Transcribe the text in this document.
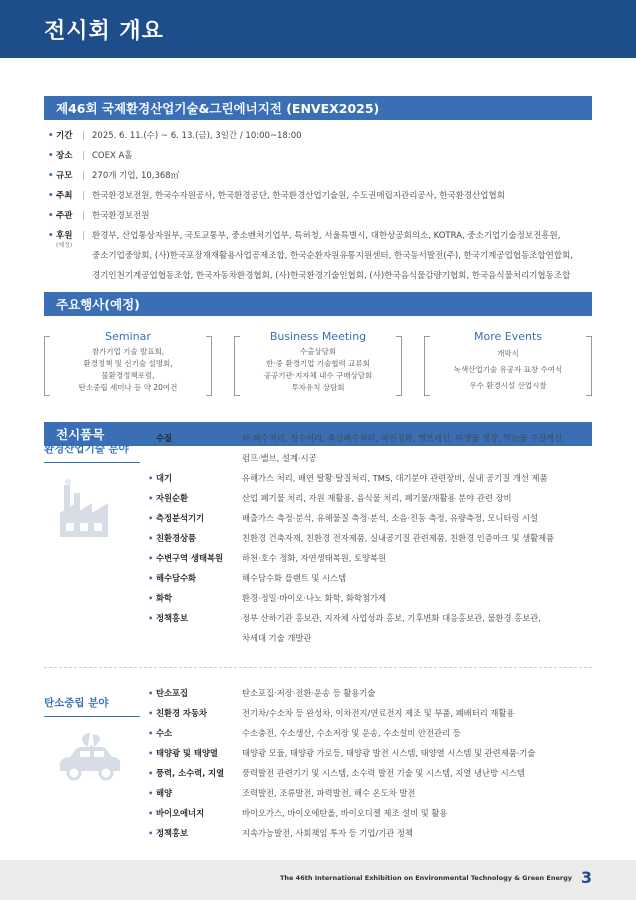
전시회 개요
제46회 국제환경산업기술&그린에너지전 (ENVEX2025)
• 기간	| 2025. 6. 11.(수) ~ 6. 13.(금), 3일간 / 10:00~18:00
• 장소	| COEX A홀
• 규모	| 270개 기업, 10,368㎡
• 주최	| 한국환경보전원, 한국수자원공사, 한국환경공단, 한국환경산업기술원, 수도권매립지관리공사, 한국환경산업협회
• 주관	| 한국환경보전원
• 후원
(예정)
| 환경부, 산업통상자원부, 국토교통부, 중소벤처기업부, 특허청, 서울특별시, 대한상공회의소, KOTRA, 중소기업기술정보진흥원,
중소기업중앙회, (사)한국포장재재활용사업공제조합, 한국순환자원유통지원센터, 한국동서발전(주), 한국기계공업협동조합연합회,
경기인천기계공업협동조합, 한국자동차환경협회, (사)한국환경기술인협회, (사)한국음식물감량기협회, 한국음식물처리기협동조합
주요행사(예정)
Seminar
참가기업 기술 발표회,
환경정책 및 신기술 설명회,
물환경정책포럼,
탄소중립 세미나 등 약 20여건
Business Meeting
수출상담회
한·중 환경기업 기술협력 교류회
공공기관·지자체 내수 구매상담회
투자유치 상담회
More Events
개막식
녹색산업기술 유공자 표창 수여식
우수 환경시설 산업시찰
전시품목
환경산업기술 분야
• 수질	하·폐수처리, 정수처리, 축산폐수처리, 하천정화, 멤브레인, 미생물 생장, 먹는물 수질개선,
펌프·밸브, 설계·시공
• 대기	유해가스 처리, 배연 탈황·탈질처리, TMS, 대기분야 관련장비, 실내 공기질 개선 제품
• 자원순환	산업 폐기물 처리, 자원 재활용, 음식물 처리, 폐기물/재활용 분야 관련 장비
• 측정분석기기	배출가스 측정·분석, 유해물질 측정·분석, 소음·진동 측정, 유량측정, 모니터링 시설
• 친환경상품	친환경 건축자재, 친환경 전자제품, 실내공기질 관련제품, 친환경 인증마크 및 생활제품
• 수변구역 생태복원	하천·호수 정화, 자연생태복원, 토양복원
• 해수담수화	해수담수화 플랜트 및 시스템
• 화학	환경·정밀·바이오·나노 화학, 화학첨가제
• 정책홍보	정부 산하기관 홍보관, 지자체 사업성과 홍보, 기후변화 대응홍보관, 물환경 홍보관,
차세대 기술 개발관
탄소중립 분야
• 탄소포집	탄소포집·저장·전환·운송 등 활용기술
• 친환경 자동차	전기차/수소차 등 완성차, 이차전지/연료전지 제조 및 부품, 폐배터리 재활용
• 수소	수소충전, 수소생산, 수소저장 및 운송, 수소설비 안전관리 등
• 태양광 및 태양열	태양광 모듈, 태양광 가로등, 태양광 발전 시스템, 태양열 시스템 및 관련제품·기술
• 풍력, 소수력, 지열	풍력발전 관련기기 및 시스템, 소수력 발전 기술 및 시스템, 지열 냉난방 시스템
• 해양	조력발전, 조류발전, 파력발전, 해수 온도차 발전
• 바이오에너지	바이오가스, 바이오에탄올, 바이오디젤 제조 설비 및 활용
• 정책홍보	지속가능발전, 사회책임 투자 등 기업/기관 정책
The 46th International Exhibition on Environmental Technology & Green Energy 3
